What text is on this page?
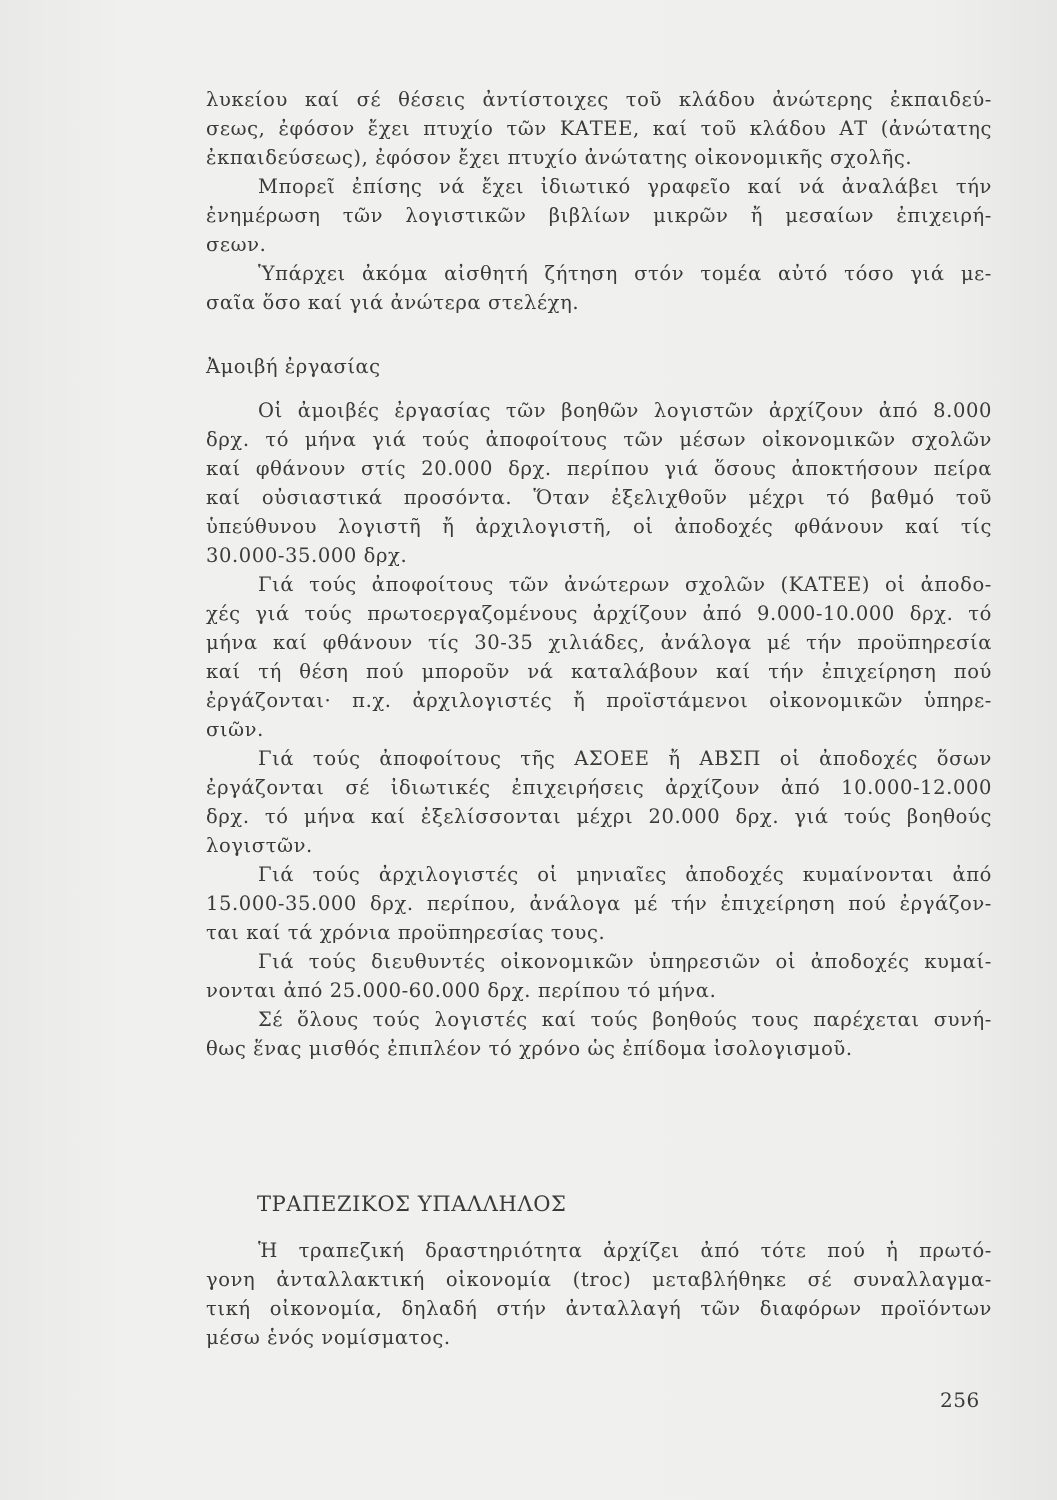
λυκείου καί σέ θέσεις ἀντίστοιχες τοῦ κλάδου ἀνώτερης ἐκπαιδεύ-
σεως, ἐφόσον ἔχει πτυχίο τῶν ΚΑΤΕΕ, καί τοῦ κλάδου ΑΤ (ἀνώτατης
ἐκπαιδεύσεως), ἐφόσον ἔχει πτυχίο ἀνώτατης οἰκονομικῆς σχολῆς.
Μπορεῖ ἐπίσης νά ἔχει ἰδιωτικό γραφεῖο καί νά ἀναλάβει τήν
ἐνημέρωση τῶν λογιστικῶν βιβλίων μικρῶν ἤ μεσαίων ἐπιχειρή-
σεων.
Ὑπάρχει ἀκόμα αἰσθητή ζήτηση στόν τομέα αὐτό τόσο γιά με-
σαῖα ὅσο καί γιά ἀνώτερα στελέχη.
Ἀμοιβή ἐργασίας
Οἱ ἀμοιβές ἐργασίας τῶν βοηθῶν λογιστῶν ἀρχίζουν ἀπό 8.000
δρχ. τό μήνα γιά τούς ἀποφοίτους τῶν μέσων οἰκονομικῶν σχολῶν
καί φθάνουν στίς 20.000 δρχ. περίπου γιά ὅσους ἀποκτήσουν πείρα
καί οὐσιαστικά προσόντα. Ὅταν ἐξελιχθοῦν μέχρι τό βαθμό τοῦ
ὑπεύθυνου λογιστῆ ἤ ἀρχιλογιστῆ, οἱ ἀποδοχές φθάνουν καί τίς
30.000-35.000 δρχ.
Γιά τούς ἀποφοίτους τῶν ἀνώτερων σχολῶν (ΚΑΤΕΕ) οἱ ἀποδο-
χές γιά τούς πρωτοεργαζομένους ἀρχίζουν ἀπό 9.000-10.000 δρχ. τό
μήνα καί φθάνουν τίς 30-35 χιλιάδες, ἀνάλογα μέ τήν προϋπηρεσία
καί τή θέση πού μποροῦν νά καταλάβουν καί τήν ἐπιχείρηση πού
ἐργάζονται· π.χ. ἀρχιλογιστές ἤ προϊστάμενοι οἰκονομικῶν ὑπηρε-
σιῶν.
Γιά τούς ἀποφοίτους τῆς ΑΣΟΕΕ ἤ ΑΒΣΠ οἱ ἀποδοχές ὅσων
ἐργάζονται σέ ἰδιωτικές ἐπιχειρήσεις ἀρχίζουν ἀπό 10.000-12.000
δρχ. τό μήνα καί ἐξελίσσονται μέχρι 20.000 δρχ. γιά τούς βοηθούς
λογιστῶν.
Γιά τούς ἀρχιλογιστές οἱ μηνιαῖες ἀποδοχές κυμαίνονται ἀπό
15.000-35.000 δρχ. περίπου, ἀνάλογα μέ τήν ἐπιχείρηση πού ἐργάζον-
ται καί τά χρόνια προϋπηρεσίας τους.
Γιά τούς διευθυντές οἰκονομικῶν ὑπηρεσιῶν οἱ ἀποδοχές κυμαί-
νονται ἀπό 25.000-60.000 δρχ. περίπου τό μήνα.
Σέ ὅλους τούς λογιστές καί τούς βοηθούς τους παρέχεται συνή-
θως ἕνας μισθός ἐπιπλέον τό χρόνο ὡς ἐπίδομα ἰσολογισμοῦ.
ΤΡΑΠΕΖΙΚΟΣ ΥΠΑΛΛΗΛΟΣ
Ἡ τραπεζική δραστηριότητα ἀρχίζει ἀπό τότε πού ἡ πρωτό-
γονη ἀνταλλακτική οἰκονομία (troc) μεταβλήθηκε σέ συναλλαγμα-
τική οἰκονομία, δηλαδή στήν ἀνταλλαγή τῶν διαφόρων προϊόντων
μέσω ἑνός νομίσματος.
256
